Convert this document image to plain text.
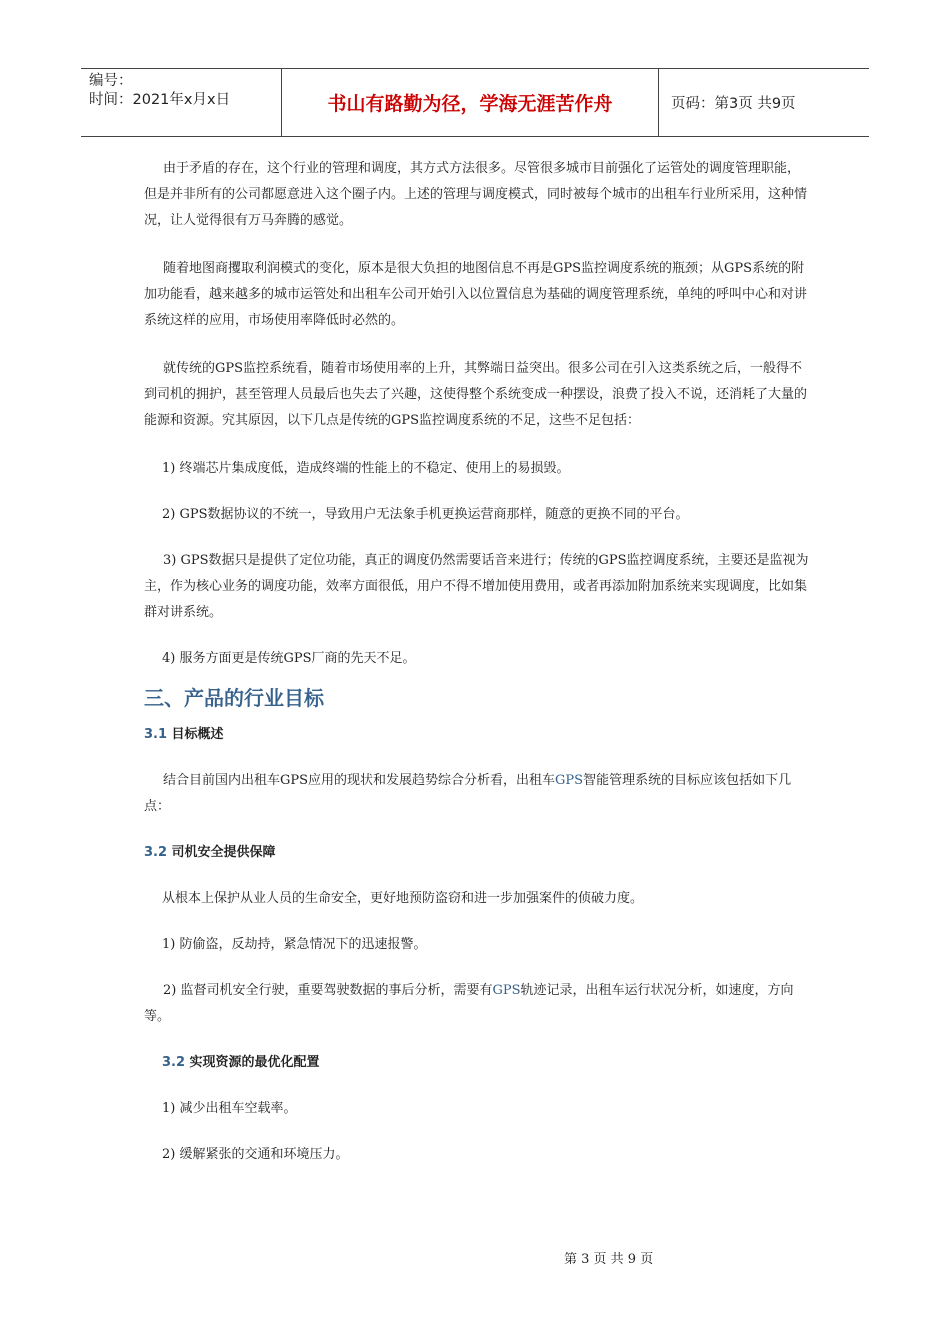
编号：
时间：2021年x月x日	书山有路勤为径，学海无涯苦作舟	页码：第3页 共9页

由于矛盾的存在，这个行业的管理和调度，其方式方法很多。尽管很多城市目前强化了运管处的调度管理职能，但是并非所有的公司都愿意进入这个圈子内。上述的管理与调度模式，同时被每个城市的出租车行业所采用，这种情况，让人觉得很有万马奔腾的感觉。

随着地图商攫取利润模式的变化，原本是很大负担的地图信息不再是GPS监控调度系统的瓶颈；从GPS系统的附加功能看，越来越多的城市运管处和出租车公司开始引入以位置信息为基础的调度管理系统，单纯的呼叫中心和对讲系统这样的应用，市场使用率降低时必然的。

就传统的GPS监控系统看，随着市场使用率的上升，其弊端日益突出。很多公司在引入这类系统之后，一般得不到司机的拥护，甚至管理人员最后也失去了兴趣，这使得整个系统变成一种摆设，浪费了投入不说，还消耗了大量的能源和资源。究其原因，以下几点是传统的GPS监控调度系统的不足，这些不足包括：

1) 终端芯片集成度低，造成终端的性能上的不稳定、使用上的易损毁。

2) GPS数据协议的不统一，导致用户无法象手机更换运营商那样，随意的更换不同的平台。

3) GPS数据只是提供了定位功能，真正的调度仍然需要话音来进行；传统的GPS监控调度系统，主要还是监视为主，作为核心业务的调度功能，效率方面很低，用户不得不增加使用费用，或者再添加附加系统来实现调度，比如集群对讲系统。

4) 服务方面更是传统GPS厂商的先天不足。

三、产品的行业目标

3.1 目标概述

结合目前国内出租车GPS应用的现状和发展趋势综合分析看，出租车GPS智能管理系统的目标应该包括如下几点：

3.2 司机安全提供保障

从根本上保护从业人员的生命安全，更好地预防盗窃和进一步加强案件的侦破力度。

1) 防偷盗，反劫持，紧急情况下的迅速报警。

2) 监督司机安全行驶，重要驾驶数据的事后分析，需要有GPS轨迹记录，出租车运行状况分析，如速度，方向等。

3.2 实现资源的最优化配置

1) 减少出租车空载率。

2) 缓解紧张的交通和环境压力。

第 3 页 共 9 页
